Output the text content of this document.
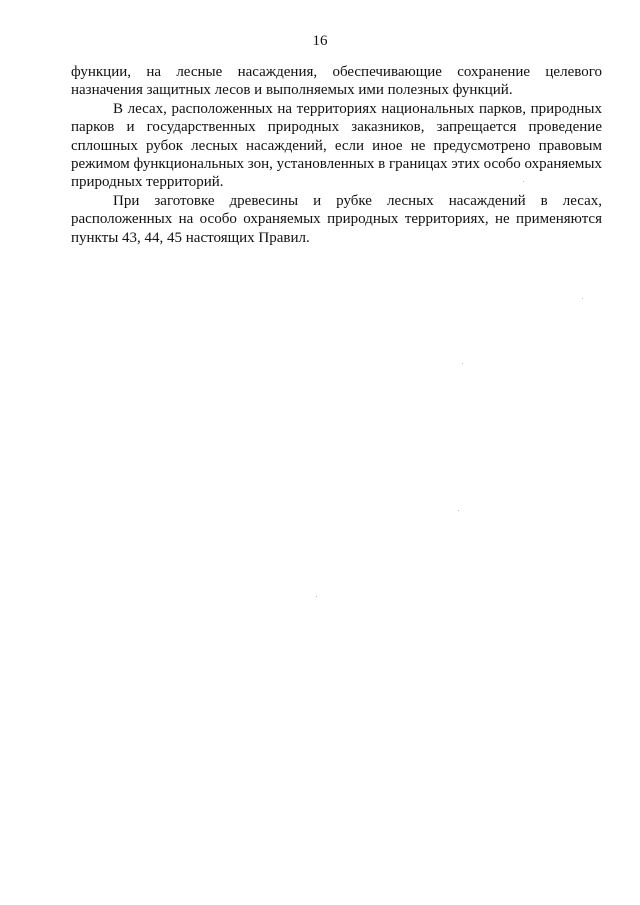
16

функции, на лесные насаждения, обеспечивающие сохранение целевого назначения защитных лесов и выполняемых ими полезных функций.

В лесах, расположенных на территориях национальных парков, природных парков и государственных природных заказников, запрещается проведение сплошных рубок лесных насаждений, если иное не предусмотрено правовым режимом функциональных зон, установленных в границах этих особо охраняемых природных территорий.

При заготовке древесины и рубке лесных насаждений в лесах, расположенных на особо охраняемых природных территориях, не применяются пункты 43, 44, 45 настоящих Правил.
